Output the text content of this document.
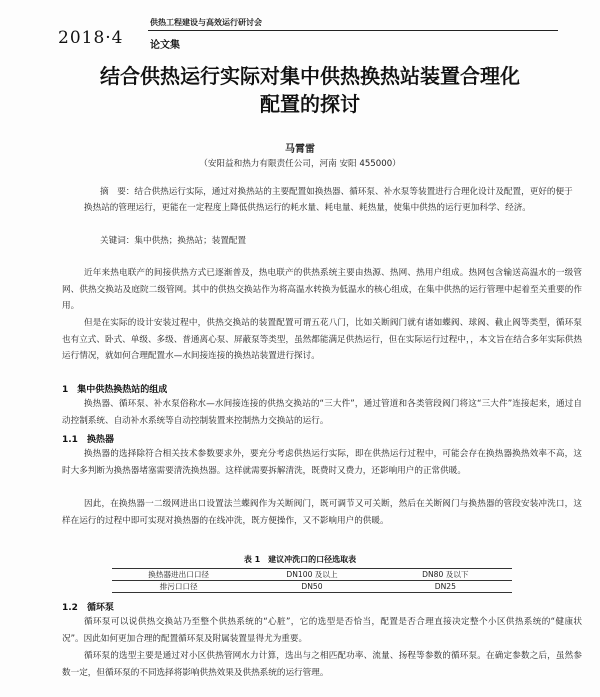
2018·4
供热工程建设与高效运行研讨会
论文集
结合供热运行实际对集中供热换热站装置合理化
配置的探讨
马霄雷
（安阳益和热力有限责任公司，河南 安阳 455000）

摘　要：结合供热运行实际，通过对换热站的主要配置如换热器、循环泵、补水泵等装置进行合理化设计及配置，更好的便于换热站的管理运行，更能在一定程度上降低供热运行的耗水量、耗电量、耗热量，使集中供热的运行更加科学、经济。

关键词：集中供热；换热站；装置配置

近年来热电联产的间接供热方式已逐渐普及，热电联产的供热系统主要由热源、热网、热用户组成。热网包含输送高温水的一级管网、供热交换站及庭院二级管网。其中的供热交换站作为将高温水转换为低温水的核心组成，在集中供热的运行管理中起着至关重要的作用。

但是在实际的设计安装过程中，供热交换站的装置配置可谓五花八门，比如关断阀门就有诸如蝶阀、球阀、截止阀等类型，循环泵也有立式、卧式、单级、多级、普通离心泵、屏蔽泵等类型，虽然都能满足供热运行，但在实际运行过程中，，本文旨在结合多年实际供热运行情况，就如何合理配置水—水间接连接的换热站装置进行探讨。

1　集中供热换热站的组成

换热器、循环泵、补水泵俗称水—水间接连接的供热交换站的“三大件”，通过管道和各类管段阀门将这“三大件”连接起来，通过自动控制系统、自动补水系统等自动控制装置来控制热力交换站的运行。

1.1　换热器

换热器的选择除符合相关技术参数要求外，要充分考虑供热运行实际，即在供热运行过程中，可能会存在换热器换热效率不高，这时大多判断为换热器堵塞需要清洗换热器。这样就需要拆解清洗，既费时又费力，还影响用户的正常供暖。

因此，在换热器一二级网进出口设置法兰蝶阀作为关断阀门，既可调节又可关断，然后在关断阀门与换热器的管段安装冲洗口，这样在运行的过程中即可实现对换热器的在线冲洗，既方便操作，又不影响用户的供暖。

表 1　建议冲洗口的口径选取表
换热器进出口口径	DN100 及以上	DN80 及以下
排污口口径	DN50	DN25

1.2　循环泵

循环泵可以说供热交换站乃至整个供热系统的“心脏”，它的选型是否恰当，配置是否合理直接决定整个小区供热系统的“健康状况”。因此如何更加合理的配置循环泵及附属装置显得尤为重要。

循环泵的选型主要是通过对小区供热管网水力计算，选出与之相匹配功率、流量、扬程等参数的循环泵。在确定参数之后，虽然参数一定，但循环泵的不同选择将影响供热效果及供热系统的运行管理。
